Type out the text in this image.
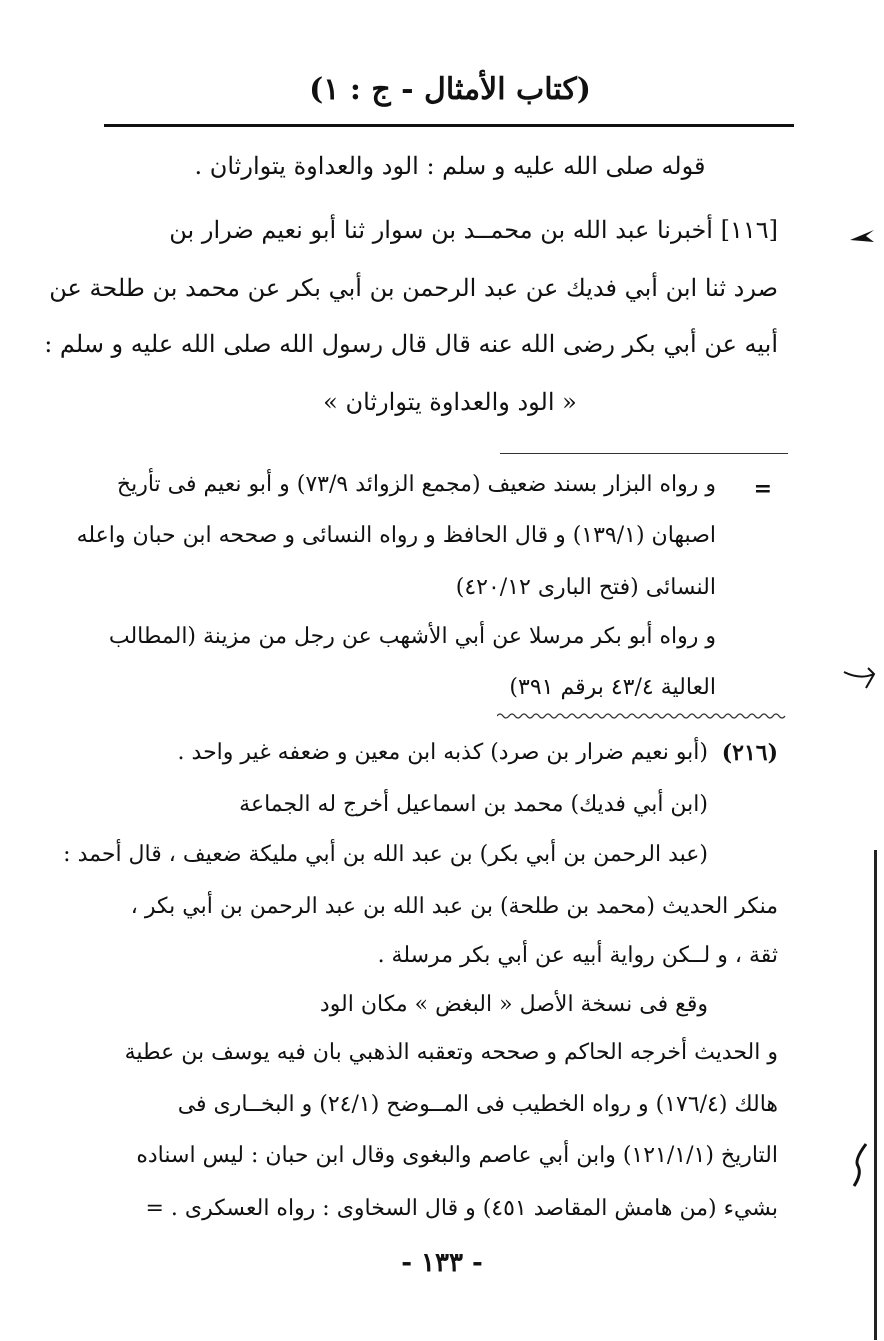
(كتاب الأمثال - ج : ١)
قوله صلى الله عليه و سلم : الود والعداوة يتوارثان .
[١١٦] أخبرنا عبد الله بن محمــد بن سوار ثنا أبو نعيم ضرار بن
صرد ثنا ابن أبي فديك عن عبد الرحمن بن أبي بكر عن محمد بن طلحة عن
أبيه عن أبي بكر رضى الله عنه قال قال رسول الله صلى الله عليه و سلم :
« الود والعداوة يتوارثان »
=
و رواه البزار بسند ضعيف (مجمع الزوائد ٧٣/٩) و أبو نعيم فى تأريخ
اصبهان (١٣٩/١) و قال الحافظ و رواه النسائى و صححه ابن حبان واعله
النسائى (فتح البارى ٤٢٠/١٢)
و رواه أبو بكر مرسلا عن أبي الأشهب عن رجل من مزينة (المطالب
العالية ٤٣/٤ برقم ٣٩١)
(٢١٦)
(أبو نعيم ضرار بن صرد) كذبه ابن معين و ضعفه غير واحد .
(ابن أبي فديك) محمد بن اسماعيل أخرج له الجماعة
(عبد الرحمن بن أبي بكر) بن عبد الله بن أبي مليكة ضعيف ، قال أحمد :
منكر الحديث (محمد بن طلحة) بن عبد الله بن عبد الرحمن بن أبي بكر ،
ثقة ، و لــكن رواية أبيه عن أبي بكر مرسلة .
وقع فى نسخة الأصل « البغض » مكان الود
و الحديث أخرجه الحاكم و صححه وتعقبه الذهبي بان فيه يوسف بن عطية
هالك (١٧٦/٤) و رواه الخطيب فى المــوضح (٢٤/١) و البخــارى فى
التاريخ (١٢١/١/١) وابن أبي عاصم والبغوى وقال ابن حبان : ليس اسناده
بشيء (من هامش المقاصد ٤٥١) و قال السخاوى : رواه العسكرى . =
- ١٣٣ -
